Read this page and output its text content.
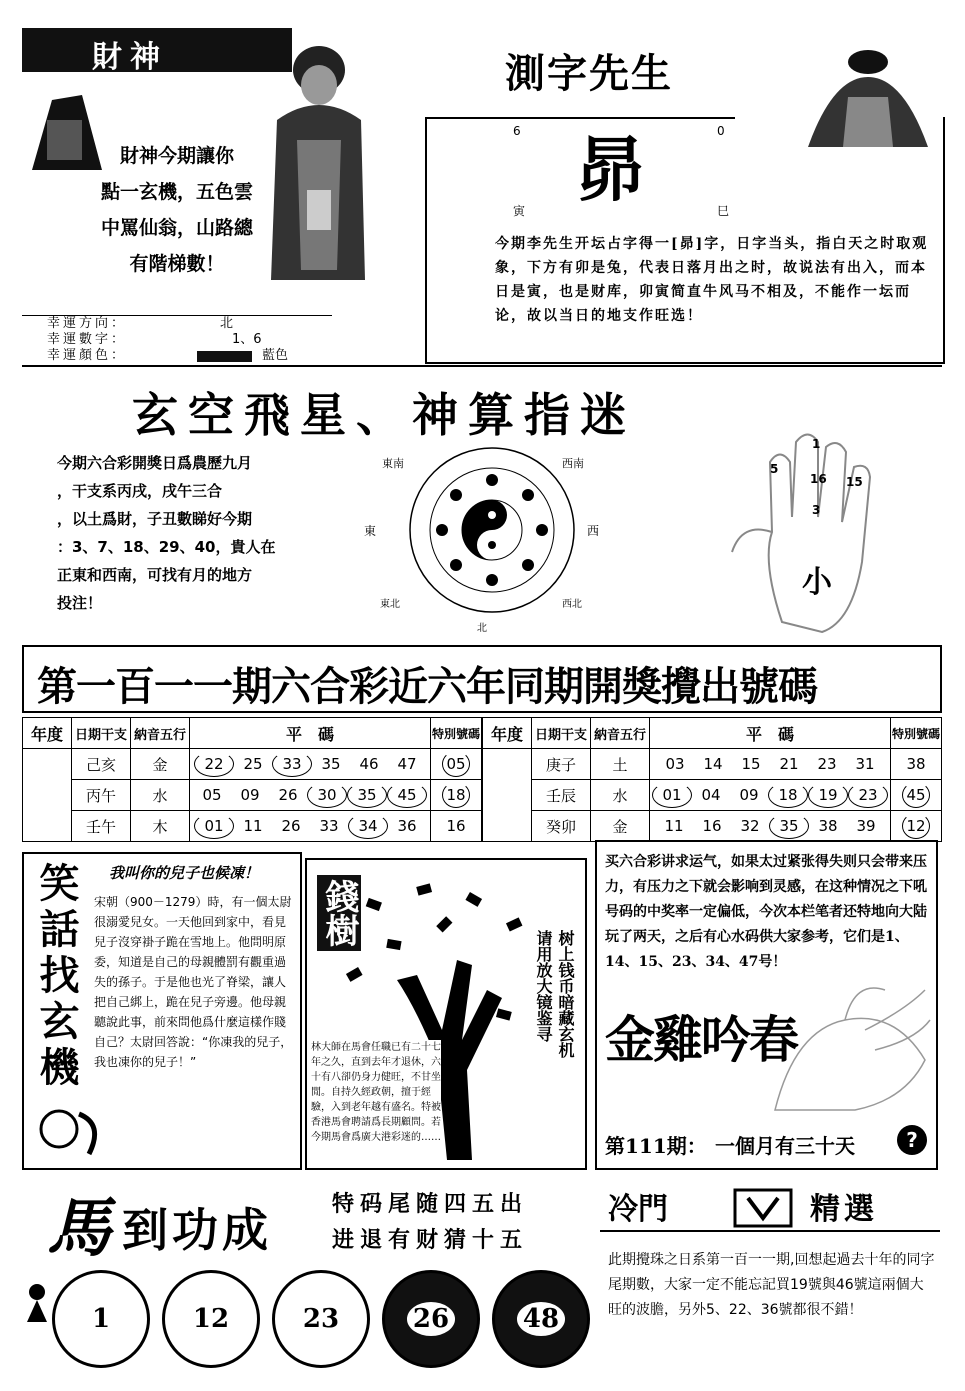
財神
財神今期讓你
點一玄機，五色雲
中罵仙翁，山路總
有階梯數！
幸運方向：	北
幸運數字：	1、6
幸運顏色：	藍色
測字先生
6	0
寅	巳
昴
今期李先生开坛占字得一[昴]字，日字当头，指白天之时取观象，下方有卯是兔，代表日落月出之时，故说法有出入，而本日是寅，也是财库，卯寅简直牛风马不相及，不能作一坛而论，故以当日的地支作旺选！
玄空飛星、神算指迷
今期六合彩開獎日爲農歷九月
，干支系丙戌，戌午三合
，以土爲財，子丑數睇好今期
：3、7、18、29、40，貴人在
正東和西南，可找有月的地方
投注！
東南	西南
東	西
東北	西北
北
1
5
16 15
3
小
第一百一一期六合彩近六年同期開獎攪出號碼
年度	日期干支	納音五行	平　碼	特別號碼
	己亥	金	22 25 33 35 46 47	05
	丙午	水	05 09 26 30 35 45	18
	壬午	木	01 11 26 33 34 36	16
年度	日期干支	納音五行	平　碼	特別號碼
	庚子	土	03 14 15 21 23 31	38
	壬辰	水	01 04 09 18 19 23	45
	癸卯	金	11 16 32 35 38 39	12
笑話找玄機 我叫你的兒子也候凍！
宋朝（900－1279）時，有一個太尉很溺愛兒女。一天他回到家中，看見兒子沒穿褂子跪在雪地上。他問明原委，知道是自己的母親體罰有觀重過失的孫子。于是他也光了脊梁，讓人把自己綁上，跪在兒子旁邊。他母親聽說此事，前來問他爲什麼這樣作賤自己？太尉回答說：“你凍我的兒子，我也凍你的兒子！”
錢樹
树上钱币暗藏玄机
请用放大镜鉴寻
林大師在馬會任職已有二十七年之久，直到去年才退休，六十有八卻仍身力健旺，不甘坐閒。自持久經政朝，擅于經驗，入到老年越有盛名。特被香港馬會聘請爲長期顧問。若今期馬會爲廣大港彩迷的……
买六合彩讲求运气，如果太过紧张得失则只会带来压力，有压力之下就会影响到灵感，在这种情况之下吼号码的中奖率一定偏低，今次本栏笔者还特地向大陆玩了两天，之后有心水码供大家参考，它们是1、14、15、23、34、47号！
金雞吟春
第111期： 一個月有三十天	?
馬 到功成	特码尾随四五出
进退有财猜十五
1	12	23	26	48
冷門	精選
此期攪珠之日系第一百一一期,回想起過去十年的同字尾期數，大家一定不能忘記買19號與46號這兩個大旺的波膽，另外5、22、36號都很不錯！
